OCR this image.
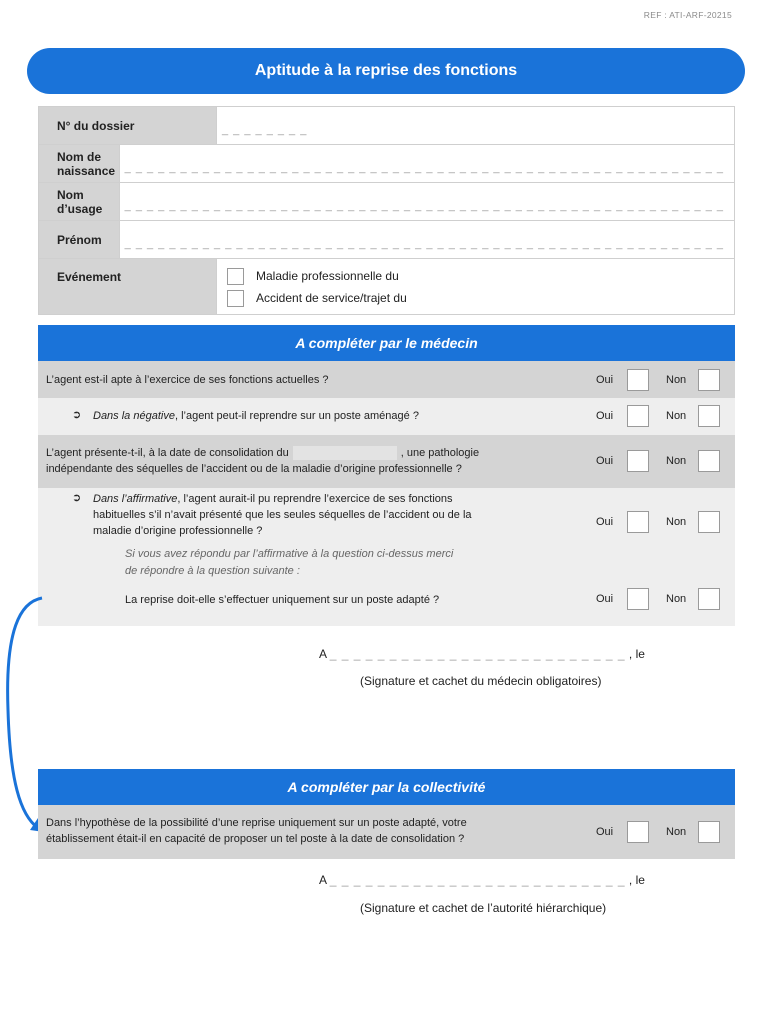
REF : ATI-ARF-20215
Aptitude à la reprise des fonctions
N° du dossier	_ _ _ _ _ _ _ _
Nom de naissance _ _ _ _ _ _ _ _ _ _ _ _ _ _ _ _ _ _ _ _ _ _ _ _ _ _ _ _ _ _ _ _ _ _ _ _ _ _ _ _ _ _ _ _ _ _ _ _ _ _ _ _ _ _
Nom d’usage	_ _ _ _ _ _ _ _ _ _ _ _ _ _ _ _ _ _ _ _ _ _ _ _ _ _ _ _ _ _ _ _ _ _ _ _ _ _ _ _ _ _ _ _ _ _ _ _ _ _ _ _ _ _
Prénom	_ _ _ _ _ _ _ _ _ _ _ _ _ _ _ _ _ _ _ _ _ _ _ _ _ _ _ _ _ _ _ _ _ _ _ _ _ _ _ _ _ _ _ _ _ _ _ _ _ _ _ _ _ _
Evénement	Maladie professionnelle du
Accident de service/trajet du
A compléter par le médecin
L’agent est-il apte à l’exercice de ses fonctions actuelles ?	Oui	Non
➲ Dans la négative, l’agent peut-il reprendre sur un poste aménagé ?	Oui	Non
L’agent présente-t-il, à la date de consolidation du	, une pathologie
indépendante des séquelles de l’accident ou de la maladie d’origine professionnelle ?
Oui	Non
➲ Dans l’affirmative, l’agent aurait-il pu reprendre l’exercice de ses fonctions
habituelles s’il n’avait présenté que les seules séquelles de l’accident ou de la
maladie d’origine professionnelle ?
Oui	Non
Si vous avez répondu par l’affirmative à la question ci-dessus merci
de répondre à la question suivante :
La reprise doit-elle s’effectuer uniquement sur un poste adapté ?	Oui	Non
A _ _ _ _ _ _ _ _ _ _ _ _ _ _ _ _ _ _ _ _ _ _ _ _ _ , le
(Signature et cachet du médecin obligatoires)
A compléter par la collectivité
Dans l’hypothèse de la possibilité d’une reprise uniquement sur un poste adapté, votre
établissement était-il en capacité de proposer un tel poste à la date de consolidation ?
Oui	Non
A _ _ _ _ _ _ _ _ _ _ _ _ _ _ _ _ _ _ _ _ _ _ _ _ _ , le
(Signature et cachet de l’autorité hiérarchique)
